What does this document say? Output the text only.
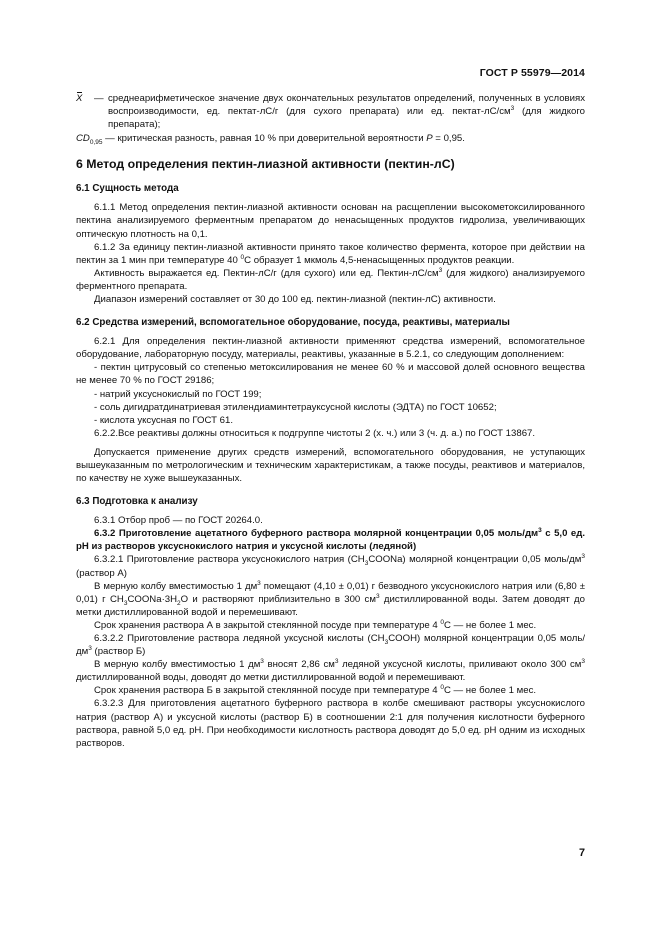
ГОСТ Р 55979—2014
X	— среднеарифметическое значение двух окончательных результатов определений, полученных в условиях воспроизводимости, ед. пектат-лС/г (для сухого препарата) или ед. пектат-$лС/см^3$ (для жидкого препарата);

$CD_{0,95}$ — критическая разность, равная 10 % при доверительной вероятности P = 0,95.

6 Метод определения пектин-лиазной активности (пектин-лС)
6.1 Сущность метода

6.1.1 Метод определения пектин-лиазной активности основан на расщеплении высокометоксилированного пектина анализируемого ферментным препаратом до ненасыщенных продуктов гидролиза, увеличивающих оптическую плотность на 0,1.

6.1.2 За единицу пектин-лиазной активности принято такое количество фермента, которое при действии на пектин за 1 мин при температуре 40 $^0$С образует 1 мкмоль 4,5-ненасыщенных продуктов реакции.

Активность выражается ед. Пектин-лС/г (для сухого) или ед. Пектин-$лС/см^3$ (для жидкого) анализируемого ферментного препарата.

Диапазон измерений составляет от 30 до 100 ед. пектин-лиазной (пектин-лС) активности.

6.2 Средства измерений, вспомогательное оборудование, посуда, реактивы, материалы

6.2.1 Для определения пектин-лиазной активности применяют средства измерений, вспомогательное оборудование, лабораторную посуду, материалы, реактивы, указанные в 5.2.1, со следующим дополнением:

- пектин цитрусовый со степенью метоксилирования не менее 60 % и массовой долей основного вещества не менее 70 % по ГОСТ 29186;

- натрий уксуснокислый по ГОСТ 199;

- соль дигидратдинатриевая этилендиаминтетрауксусной кислоты (ЭДТА) по ГОСТ 10652;

- кислота уксусная по ГОСТ 61.

6.2.2.Все реактивы должны относиться к подгруппе чистоты 2 (х. ч.) или 3 (ч. д. а.) по ГОСТ 13867.

Допускается применение других средств измерений, вспомогательного оборудования, не уступающих вышеуказанным по метрологическим и техническим характеристикам, а также посуды, реактивов и материалов, по качеству не хуже вышеуказанных.

6.3 Подготовка к анализу

6.3.1 Отбор проб — по ГОСТ 20264.0.

6.3.2 Приготовление ацетатного буферного раствора молярной концентрации 0,05 моль/$дм^3$ с 5,0 ед. рН из растворов уксуснокислого натрия и уксусной кислоты (ледяной)

6.3.2.1 Приготовление раствора уксуснокислого натрия $(CH_3COONa)$ молярной концентрации 0,05 моль/$дм^3$ (раствор А)

В мерную колбу вместимостью 1 $дм^3$ помещают (4,10 ± 0,01) г безводного уксуснокислого натрия или (6,80 ± 0,01) г $CH_3COONa\cdot 3H_2O$ и растворяют приблизительно в 300 $см^3$ дистиллированной воды. Затем доводят до метки дистиллированной водой и перемешивают.

Срок хранения раствора А в закрытой стеклянной посуде при температуре 4 $^0$С — не более 1 мес.

6.3.2.2 Приготовление раствора ледяной уксусной кислоты $(CH_3COOH)$ молярной концентрации 0,05 моль/$дм^3$ (раствор Б)

В мерную колбу вместимостью 1 $дм^3$ вносят 2,86 $см^3$ ледяной уксусной кислоты, приливают около 300 $см^3$ дистиллированной воды, доводят до метки дистиллированной водой и перемешивают.

Срок хранения раствора Б в закрытой стеклянной посуде при температуре 4 $^0$С — не более 1 мес.

6.3.2.3 Для приготовления ацетатного буферного раствора в колбе смешивают растворы уксуснокислого натрия (раствор А) и уксусной кислоты (раствор Б) в соотношении 2:1 для получения кислотности буферного раствора, равной 5,0 ед. рН. При необходимости кислотность раствора доводят до 5,0 ед. рН одним из исходных растворов.

7
